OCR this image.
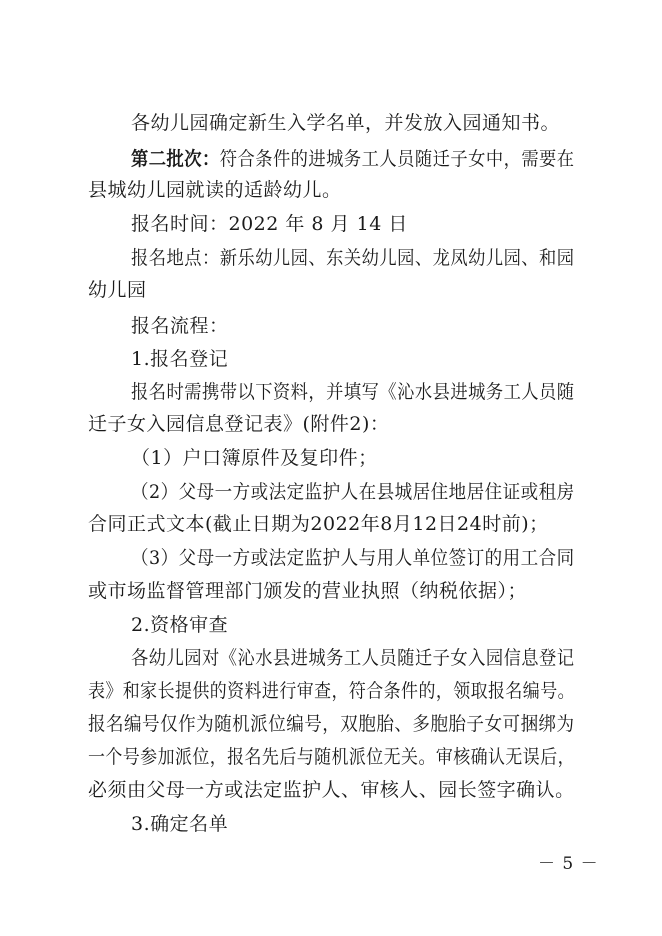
各幼儿园确定新生入学名单，并发放入园通知书。
第二批次：符合条件的进城务工人员随迁子女中，需要在
县城幼儿园就读的适龄幼儿。
报名时间：2022 年 8 月 14 日
报名地点：新乐幼儿园、东关幼儿园、龙凤幼儿园、和园
幼儿园
报名流程：
1.报名登记
报名时需携带以下资料，并填写《沁水县进城务工人员随
迁子女入园信息登记表》(附件2)：
（1）户口簿原件及复印件；
（2）父母一方或法定监护人在县城居住地居住证或租房
合同正式文本(截止日期为2022年8月12日24时前)；
（3）父母一方或法定监护人与用人单位签订的用工合同
或市场监督管理部门颁发的营业执照（纳税依据）；
2.资格审查
各幼儿园对《沁水县进城务工人员随迁子女入园信息登记
表》和家长提供的资料进行审查，符合条件的，领取报名编号。
报名编号仅作为随机派位编号，双胞胎、多胞胎子女可捆绑为
一个号参加派位，报名先后与随机派位无关。审核确认无误后，
必须由父母一方或法定监护人、审核人、园长签字确认。
3.确定名单
－ 5 －
